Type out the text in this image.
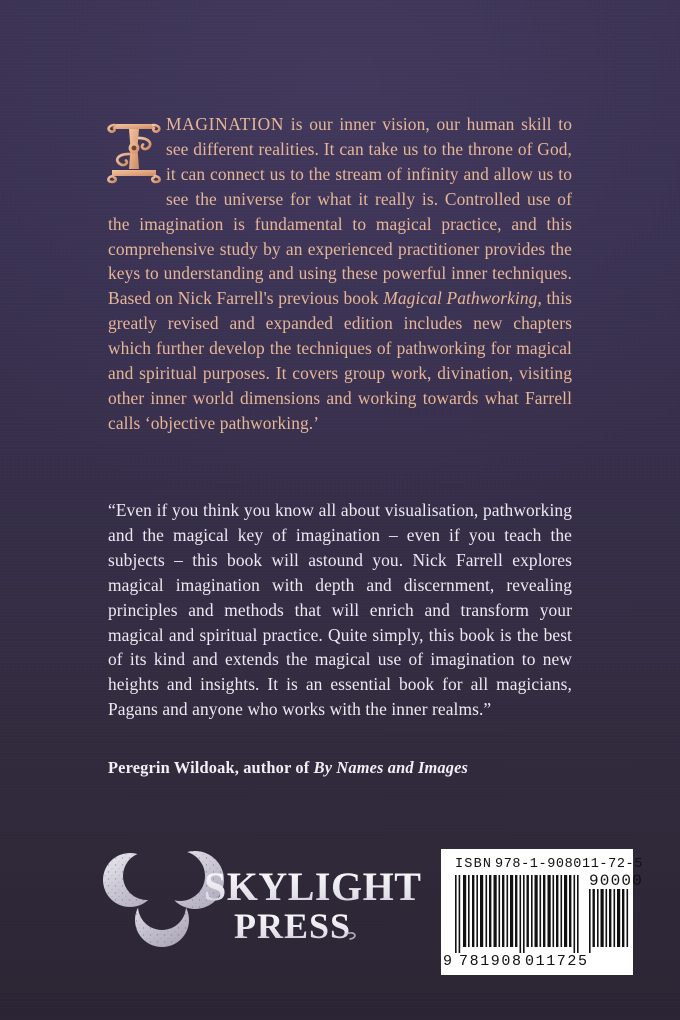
MAGINATION is our inner vision, our human skill to see different realities. It can take us to the throne of God, it can connect us to the stream of infinity and allow us to see the universe for what it really is. Controlled use of the imagination is fundamental to magical practice, and this comprehensive study by an experienced practitioner provides the keys to understanding and using these powerful inner techniques. Based on Nick Farrell's previous book Magical Pathworking, this greatly revised and expanded edition includes new chapters which further develop the techniques of pathworking for magical and spiritual purposes. It covers group work, divination, visiting other inner world dimensions and working towards what Farrell calls ‘objective pathworking.’
“Even if you think you know all about visualisation, pathworking and the magical key of imagination – even if you teach the subjects – this book will astound you. Nick Farrell explores magical imagination with depth and discernment, revealing principles and methods that will enrich and transform your magical and spiritual practice. Quite simply, this book is the best of its kind and extends the magical use of imagination to new heights and insights. It is an essential book for all magicians, Pagans and anyone who works with the inner realms.”
Peregrin Wildoak, author of By Names and Images
SKYLIGHT
PRESS
ISBN 978-1-908011-72-5
90000
9 781908 011725
